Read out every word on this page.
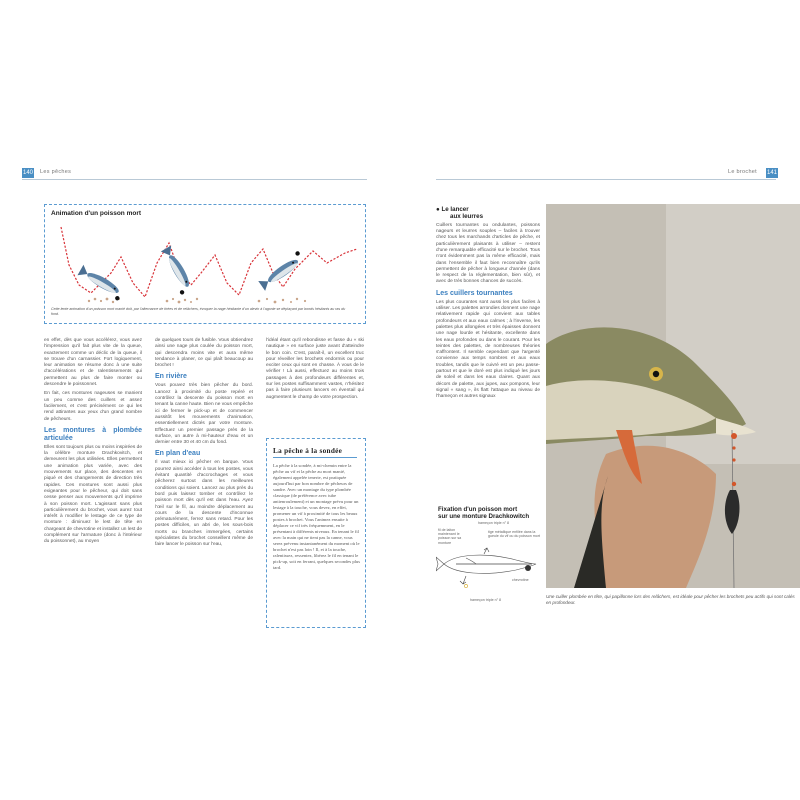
140 Les pêches
Animation d'un poisson mort
Cette lente animation d'un poisson mort manié doit, par l'alternance de tirées et de relâchers, évoquer la nage hésitante d'un alevin à l'agonie se déplaçant par bonds hésitants au ras du fond.

en effet, dès que vous accélérez, vous avez l'impression qu'il fait plus vite de la queue, exactement comme un déclic de la queue, il se trouve d'un carnassier. Fort logiquement, leur animation se résume donc à une suite d'accélérations et de ralentissements qui permettent au plus de faire monter ou descendre le poissonnet.

En fait, ces montures nageuses se manient un peu comme des cuillers et assez facilement, et c'est précisément ce qui les rend attirantes aux yeux d'un grand nombre de pêcheurs.

Les montures à plombée articulée

Elles sont toujours plus ou moins inspirées de la célèbre monture Drachkovitch, et demeurent les plus utilisées. Elles permettent une animation plus variée, avec des mouvements sur place, des descentes en piqué et des changements de direction très rapides. Ces montures sont aussi plus exigeantes pour le pêcheur, qui doit sans cesse penser aux mouvements qu'il imprime à son poisson mort. L'agissant sans plus particulièrement du brochet, vous aurez tout intérêt à modifier le lestage de ce type de monture : diminuez le lest de tête en chargeant de chevrotine et installez un lest de complément sur l'armature (donc à l'intérieur du poissonnet), au moyen

de quelques tours de fusible. Vous obtiendrez ainsi une nage plus coulée du poisson mort, qui descendra moins vite et aura même tendance à planer, ce qui plaît beaucoup au brochet !

En rivière

Vous pouvez très bien pêcher du bord. Lancez à proximité du poste repéré et contrôlez la descente du poisson mort en tenant la canne haute. Bien ne vous empêche ici de fermer le pick-up et de commencer aussitôt les mouvements d'animation, essentiellement dictés par votre monture. Effectuez un premier passage près de la surface, un autre à mi-hauteur d'eau et un dernier entre 30 et 40 cm du fond.

En plan d'eau

Il vaut mieux ici pêcher en barque. Vous pourrez ainsi accéder à tous les postes, vous évitant quantité d'accrochages et vous pêcherez surtout dans les meilleures conditions qui soient. Lancez au plus près du bord puis laissez tomber et contrôlez le poisson mort dès qu'il est dans l'eau. Ayez l'œil sur le fil, au moindre déplacement au cours de la descente d'inconnue prématurément, ferrez sans retard. Pour les postes difficiles, un abri de, les sous-bois morts ou branches immergées, certains spécialistes du brochet conseillent même de faire lancer le poisson sur l'eau,

l'idéal étant qu'il rebondisse et fasse du « ski nautique » en surface juste avant d'atteindre le bon coin. C'est, paraît-il, un excellent truc pour réveiller les brochets endormis ou pour exciter ceux qui sont en chasse. À vous de le vérifier ! Là aussi, effectuez au moins trois passages à des profondeurs différentes et, sur les postes suffisamment vastes, n'hésitez pas à faire plusieurs lancers en éventail qui augmentent le champ de votre prospection.

La pêche à la sondée
La pêche à la sondée, à mi-chemin entre la pêche au vif et la pêche au mort manié, également appelée tenerie, est pratiquée aujourd'hui par bon nombre de pêcheurs de sandre. Avec un montage du type plombée classique (de préférence avec tube antienroulement) et un montage prévu pour un lestage à la touche, vous devez, en effet, promener un vif à proximité de tous les beaux postes à brochet. Vous l'animez ensuite à déplacer ce vif très fréquemment, en le présentant à différents niveaux. En tenant le fil avec la main qui ne tient pas la canne, vous serez prévenu instantanément du moment où le brochet n'est pas loin ! Il, et à la touche, ralentissez, ressentez, libérez le fil en tenant le pick-up, soit en ferrant, quelques secondes plus tard.
Le brochet 141
● Le lancer
aux leurres

Cuillers tournantes ou ondulantes, poissons nageurs et leurres souples – faciles à trouver chez tous les marchands d'articles de pêche, et particulièrement plaisants à utiliser – restent d'une remarquable efficacité sur le brochet. Tous n'ont évidemment pas la même efficacité, mais dans l'ensemble il faut bien reconnaître qu'ils permettent de pêcher à longueur d'année (dans le respect de la réglementation, bien sûr), et avec de très bonnes chances de succès.

Les cuillers tournantes

Les plus courantes sont aussi les plus faciles à utiliser. Les palettes arrondies donnent une nage relativement rapide qui convient aux tables profondeurs et aux eaux calmes ; à l'inverse, les palettes plus allongées et très épaisses donnent une nage lourde et hésitante, excellente dans les eaux profondes ou dans le courant. Pour les teintes des palettes, de nombreuses théories s'affrontent. Il semble cependant que l'argenté convienne aux temps sombres et aux eaux troubles, tandis que le cuivré est un peu passe-partout et que le doré est plus indiqué les jours de soleil et dans les eaux claires. Quant aux décors de palette, aux jupes, aux pompons, leur signal « sang », ils flatt l'attaque au niveau de l'hameçon et autres signaux

Fixation d'un poisson mort
sur une monture Drachkowitch
hameçon triple n° 8
fil de laiton maintenant le poisson sur sa monture
tige métallique enfilée dans la gueule du vif ou du poisson mort
chevrotine
hameçon triple n° 8
Une cuiller plombée en tête, qui papillonne lors des relâchers, est idéale pour pêcher les brochets peu actifs qui sont calés en profondeur.
